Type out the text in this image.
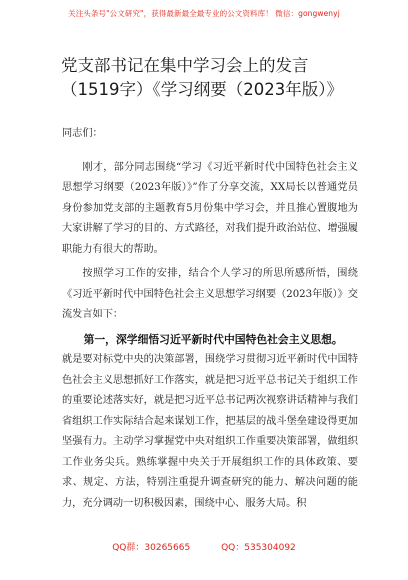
关注头条号"公文研究"，获得最新最全最专业的公文资料库！ 微信：gongwenyj
党支部书记在集中学习会上的发言（1519字）《学习纲要（2023年版）》

同志们：

刚才，部分同志围绕“学习《习近平新时代中国特色社会主义思想学习纲要（2023年版）》”作了分享交流，XX局长以普通党员身份参加党支部的主题教育5月份集中学习会，并且推心置腹地为大家讲解了学习的目的、方式路径，对我们提升政治站位、增强履职能力有很大的帮助。

按照学习工作的安排，结合个人学习的所思所感所悟，围绕《习近平新时代中国特色社会主义思想学习纲要（2023年版）》交流发言如下：

第一，深学细悟习近平新时代中国特色社会主义思想。

就是要对标党中央的决策部署，围绕学习贯彻习近平新时代中国特色社会主义思想抓好工作落实，就是把习近平总书记关于组织工作的重要论述落实好，就是把习近平总书记两次视察讲话精神与我们省组织工作实际结合起来谋划工作，把基层的战斗堡垒建设得更加坚强有力。主动学习掌握党中央对组织工作重要决策部署，做组织工作业务尖兵。熟练掌握中央关于开展组织工作的具体政策、要求、规定、方法，特别注重提升调查研究的能力、解决问题的能力，充分调动一切积极因素，围绕中心、服务大局。积

QQ群：30265665	QQ：535304092
